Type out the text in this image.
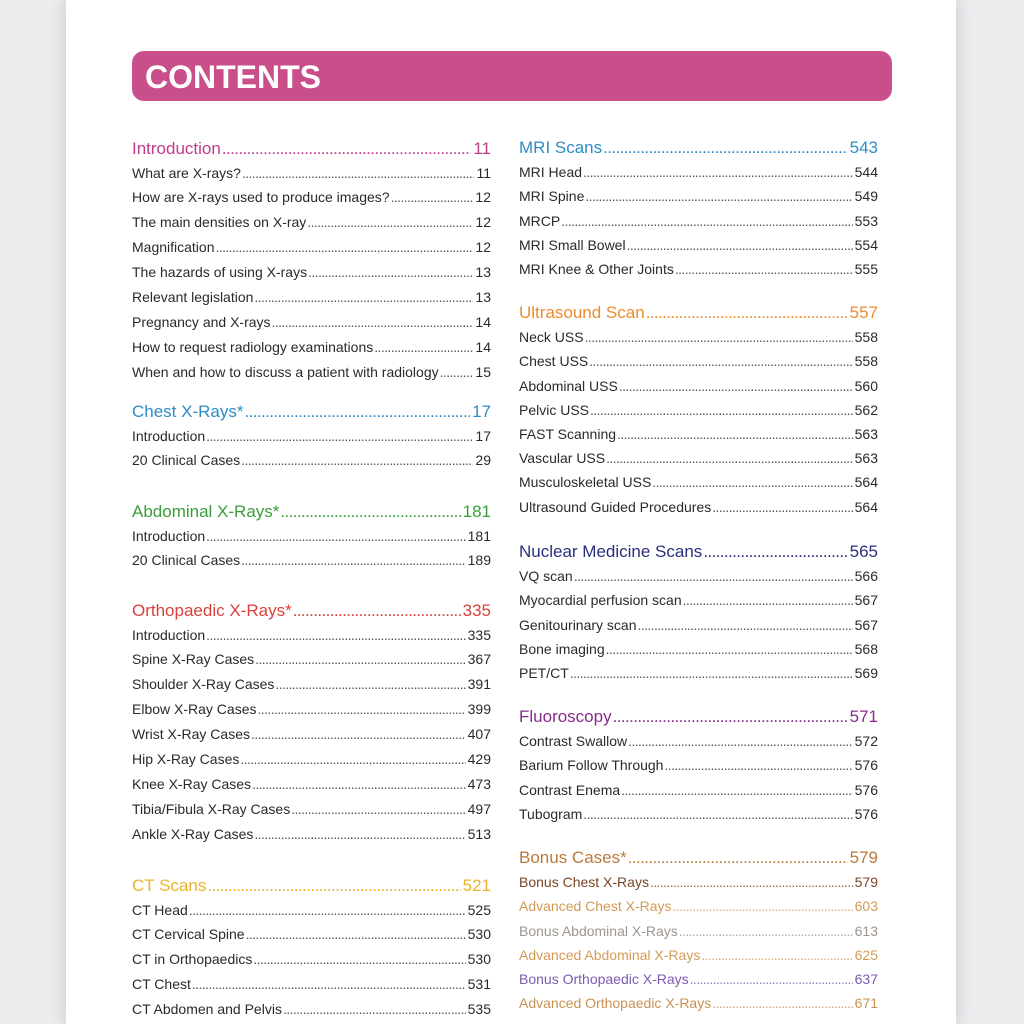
CONTENTS
Introduction .....	11
What are X-rays? .....	11
How are X-rays used to produce images? .....	12
The main densities on X-ray .....	12
Magnification .....	12
The hazards of using X-rays .....	13
Relevant legislation .....	13
Pregnancy and X-rays .....	14
How to request radiology examinations .....	14
When and how to discuss a patient with radiology .....	15
Chest X-Rays* .....	17
Introduction .....	17
20 Clinical Cases .....	29
Abdominal X-Rays* .....	181
Introduction .....	181
20 Clinical Cases .....	189
Orthopaedic X-Rays* .....	335
Introduction .....	335
Spine X-Ray Cases .....	367
Shoulder X-Ray Cases .....	391
Elbow X-Ray Cases .....	399
Wrist X-Ray Cases .....	407
Hip X-Ray Cases .....	429
Knee X-Ray Cases .....	473
Tibia/Fibula X-Ray Cases .....	497
Ankle X-Ray Cases .....	513
CT Scans .....	521
CT Head .....	525
CT Cervical Spine .....	530
CT in Orthopaedics .....	530
CT Chest .....	531
CT Abdomen and Pelvis .....	535
MRI Scans .....	543
MRI Head .....	544
MRI Spine .....	549
MRCP .....	553
MRI Small Bowel .....	554
MRI Knee & Other Joints .....	555
Ultrasound Scan .....	557
Neck USS .....	558
Chest USS .....	558
Abdominal USS .....	560
Pelvic USS .....	562
FAST Scanning .....	563
Vascular USS .....	563
Musculoskeletal USS .....	564
Ultrasound Guided Procedures .....	564
Nuclear Medicine Scans .....	565
VQ scan .....	566
Myocardial perfusion scan .....	567
Genitourinary scan .....	567
Bone imaging .....	568
PET/CT .....	569
Fluoroscopy .....	571
Contrast Swallow .....	572
Barium Follow Through .....	576
Contrast Enema .....	576
Tubogram .....	576
Bonus Cases* .....	579
Bonus Chest X-Rays .....	579
Advanced Chest X-Rays .....	603
Bonus Abdominal X-Rays .....	613
Advanced Abdominal X-Rays .....	625
Bonus Orthopaedic X-Rays .....	637
Advanced Orthopaedic X-Rays .....	671
